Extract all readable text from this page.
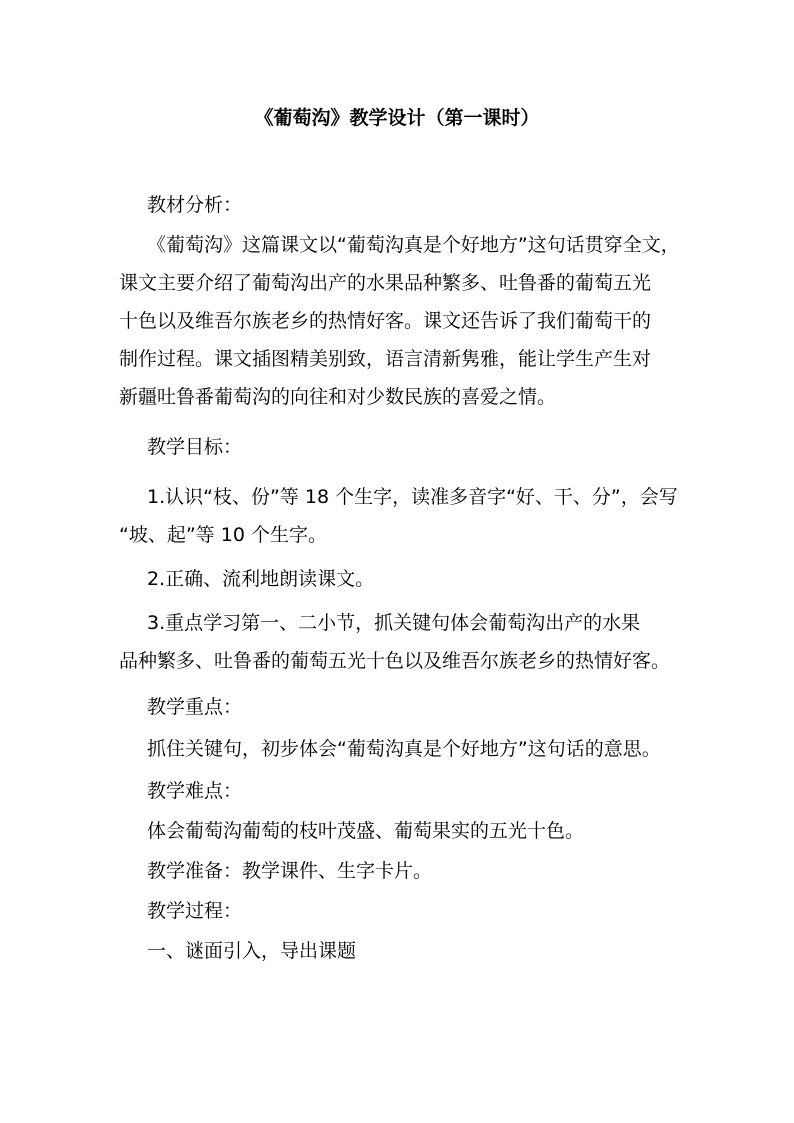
《葡萄沟》教学设计（第一课时）

教材分析：

《葡萄沟》这篇课文以“葡萄沟真是个好地方”这句话贯穿全文，

课文主要介绍了葡萄沟出产的水果品种繁多、吐鲁番的葡萄五光

十色以及维吾尔族老乡的热情好客。课文还告诉了我们葡萄干的

制作过程。课文插图精美别致，语言清新隽雅，能让学生产生对

新疆吐鲁番葡萄沟的向往和对少数民族的喜爱之情。

教学目标：

1.认识“枝、份”等 18 个生字，读准多音字“好、干、分”，会写

“坡、起”等 10 个生字。

2.正确、流利地朗读课文。

3.重点学习第一、二小节，抓关键句体会葡萄沟出产的水果

品种繁多、吐鲁番的葡萄五光十色以及维吾尔族老乡的热情好客。

教学重点：

抓住关键句，初步体会“葡萄沟真是个好地方”这句话的意思。

教学难点：

体会葡萄沟葡萄的枝叶茂盛、葡萄果实的五光十色。

教学准备：教学课件、生字卡片。

教学过程：

一、谜面引入，导出课题
